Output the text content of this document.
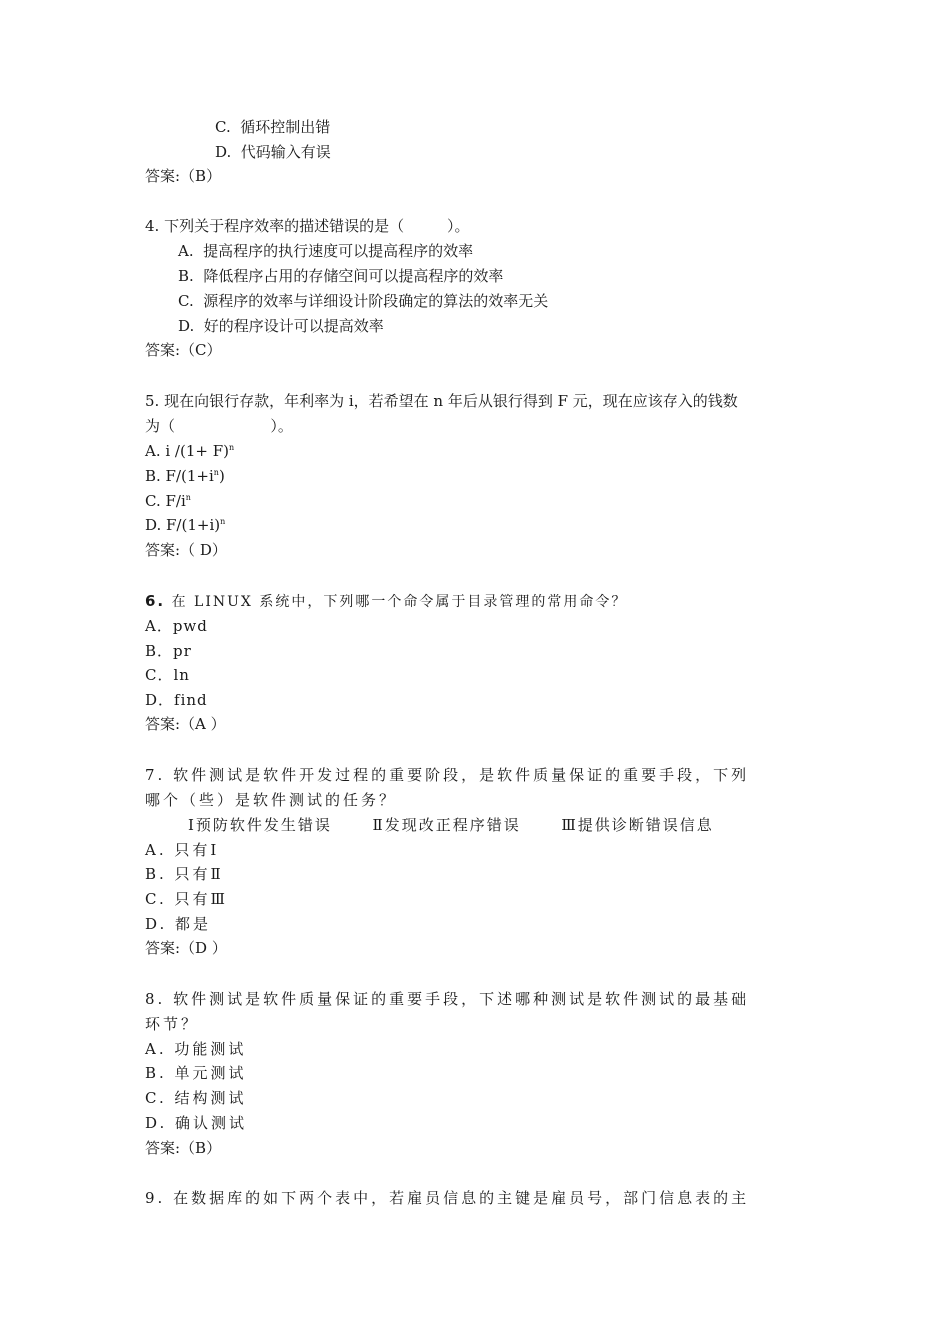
C.  循环控制出错
D.  代码输入有误
答案:（B）
4. 下列关于程序效率的描述错误的是（         ）。
A.  提高程序的执行速度可以提高程序的效率
B.  降低程序占用的存储空间可以提高程序的效率
C.  源程序的效率与详细设计阶段确定的算法的效率无关
D.  好的程序设计可以提高效率
答案:（C）
5. 现在向银行存款，年利率为 i，若希望在 n 年后从银行得到 F 元，现在应该存入的钱数
为（                    ）。
A. i $/(1+ F)^n$
B. $F/(1+i^n)$
C. $F/i^n$
D. $F/(1+i)^n$
答案:（ D）
6. 在 LINUX 系统中，下列哪一个命令属于目录管理的常用命令？
A．pwd
B．pr
C．ln
D．find
答案:（A ）
7. 软件测试是软件开发过程的重要阶段，是软件质量保证的重要手段，下列
哪个（些）是软件测试的任务？
Ⅰ预防软件发生错误      Ⅱ发现改正程序错误      Ⅲ提供诊断错误信息
A. 只有Ⅰ
B. 只有Ⅱ
C. 只有Ⅲ
D. 都是
答案:（D ）
8. 软件测试是软件质量保证的重要手段，下述哪种测试是软件测试的最基础
环节？
A. 功能测试
B. 单元测试
C. 结构测试
D. 确认测试
答案:（B）
9. 在数据库的如下两个表中，若雇员信息的主键是雇员号，部门信息表的主
